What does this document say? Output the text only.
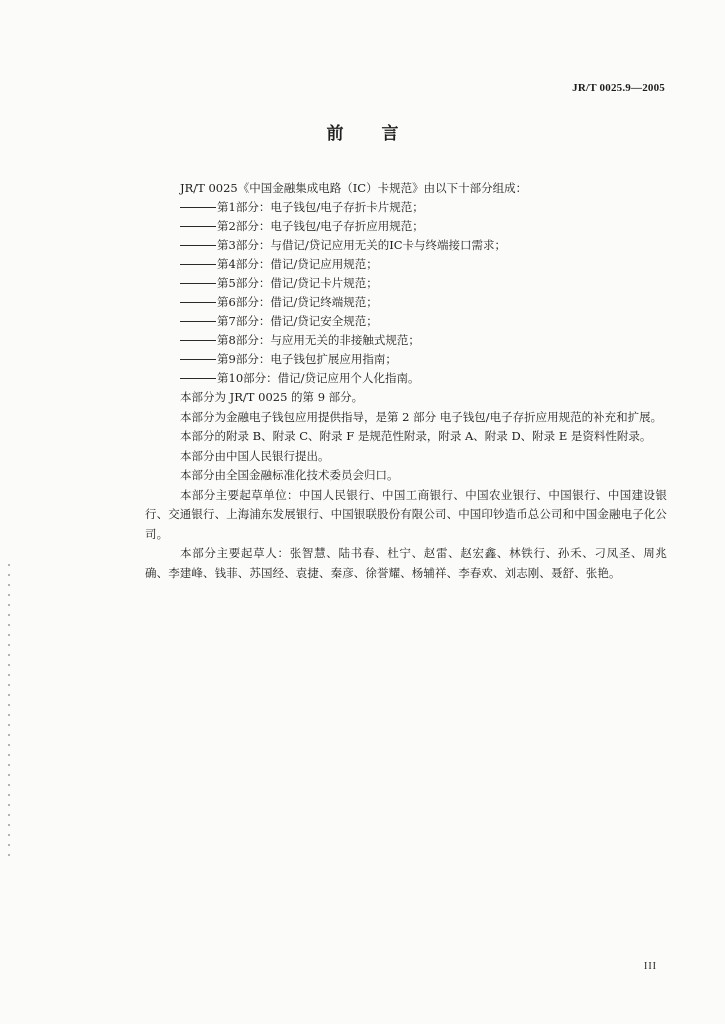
JR/T 0025.9—2005
前 言
JR/T 0025《中国金融集成电路（IC）卡规范》由以下十部分组成：
第1部分：电子钱包/电子存折卡片规范；
第2部分：电子钱包/电子存折应用规范；
第3部分：与借记/贷记应用无关的IC卡与终端接口需求；
第4部分：借记/贷记应用规范；
第5部分：借记/贷记卡片规范；
第6部分：借记/贷记终端规范；
第7部分：借记/贷记安全规范；
第8部分：与应用无关的非接触式规范；
第9部分：电子钱包扩展应用指南；
第10部分：借记/贷记应用个人化指南。
本部分为 JR/T 0025 的第 9 部分。
本部分为金融电子钱包应用提供指导，是第 2 部分 电子钱包/电子存折应用规范的补充和扩展。
本部分的附录 B、附录 C、附录 F 是规范性附录，附录 A、附录 D、附录 E 是资料性附录。
本部分由中国人民银行提出。
本部分由全国金融标准化技术委员会归口。
本部分主要起草单位：中国人民银行、中国工商银行、中国农业银行、中国银行、中国建设银行、交通银行、上海浦东发展银行、中国银联股份有限公司、中国印钞造币总公司和中国金融电子化公司。
本部分主要起草人：张智慧、陆书春、杜宁、赵雷、赵宏鑫、林铁行、孙禾、刁凤圣、周兆确、李建峰、钱菲、苏国经、袁捷、秦彦、徐誉耀、杨辅祥、李春欢、刘志刚、聂舒、张艳。
III
